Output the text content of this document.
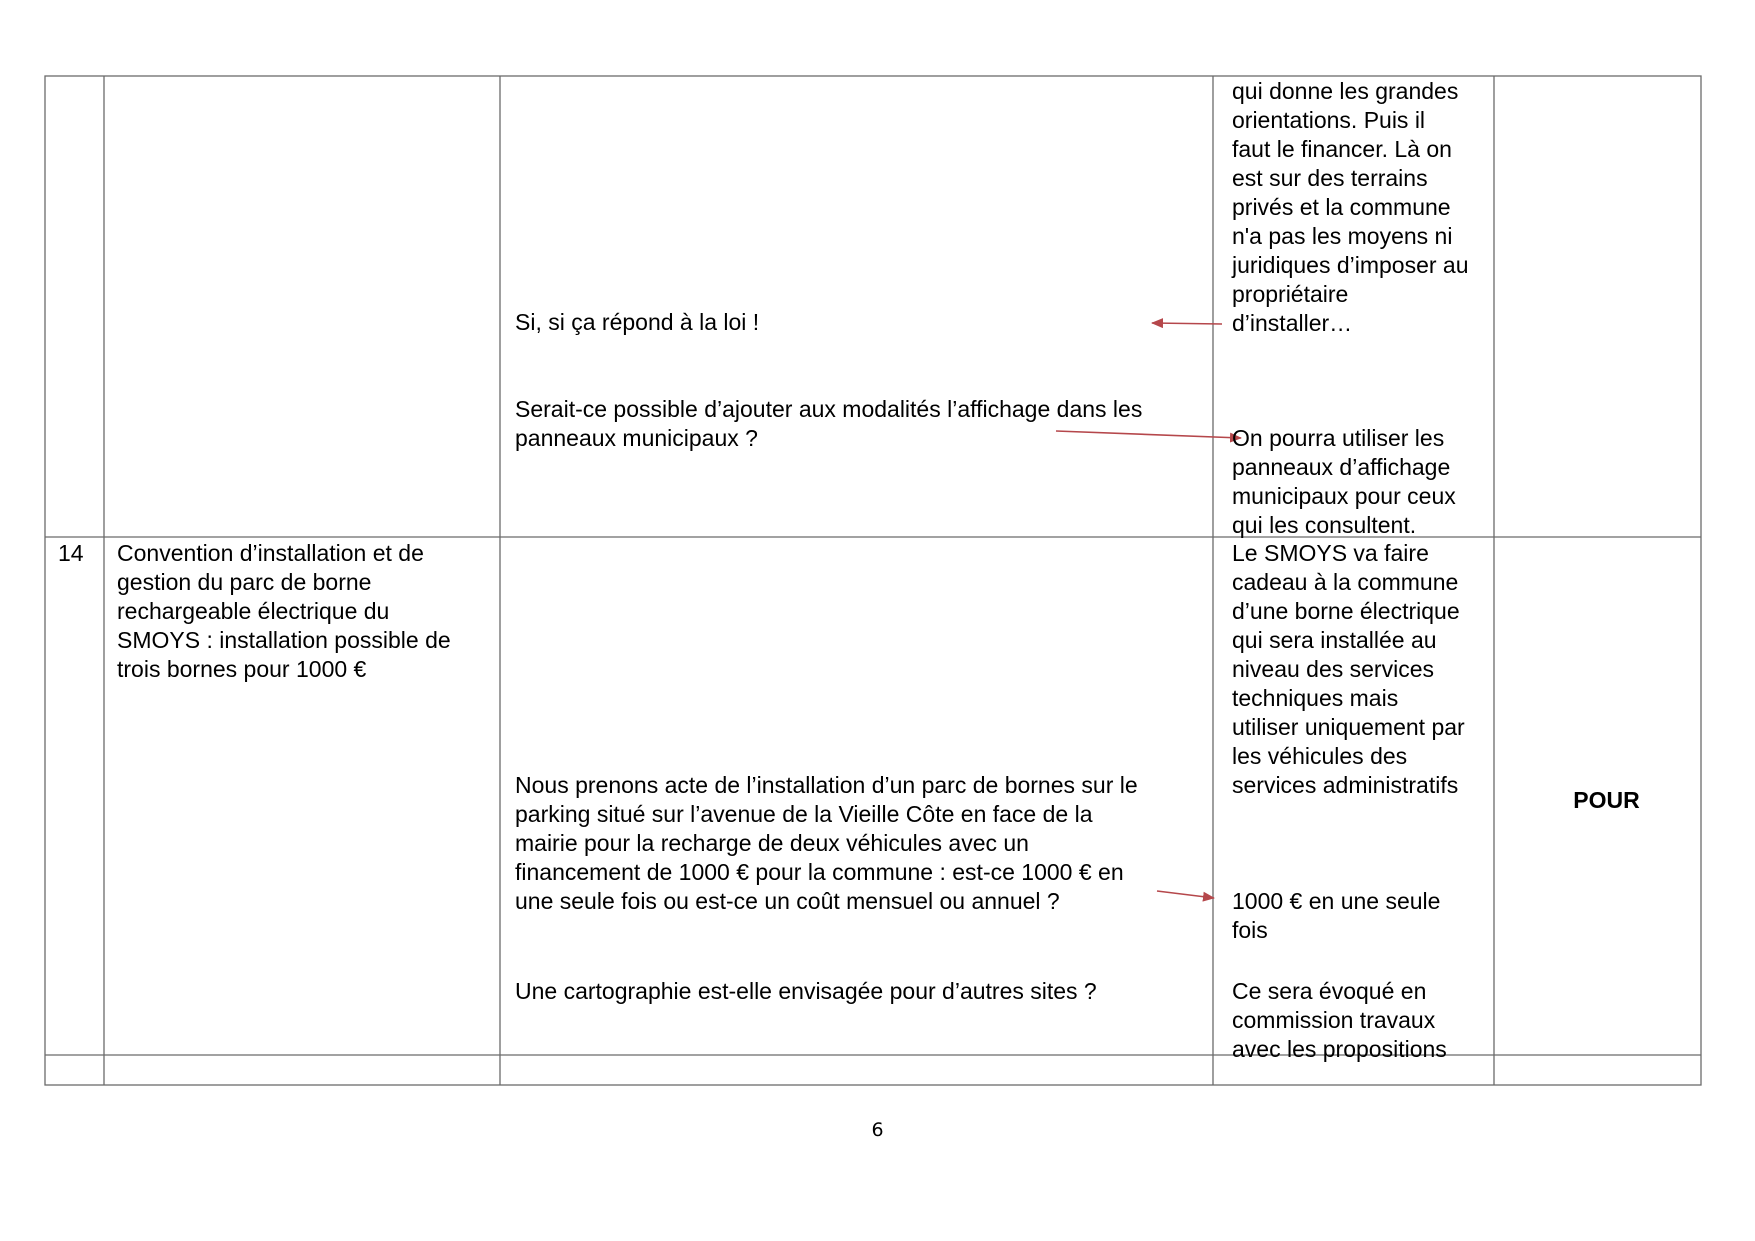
Si, si ça répond à la loi !
Serait-ce possible d’ajouter aux modalités l’affichage dans les
panneaux municipaux ?
qui donne les grandes
orientations. Puis il
faut le financer. Là on
est sur des terrains
privés et la commune
n'a pas les moyens ni
juridiques d’imposer au
propriétaire
d’installer…
On pourra utiliser les
panneaux d’affichage
municipaux pour ceux
qui les consultent.
14 Convention d’installation et de
gestion du parc de borne
rechargeable électrique du
SMOYS : installation possible de
trois bornes pour 1000 €
Nous prenons acte de l’installation d’un parc de bornes sur le
parking situé sur l’avenue de la Vieille Côte en face de la
mairie pour la recharge de deux véhicules avec un
financement de 1000 € pour la commune : est-ce 1000 € en
une seule fois ou est-ce un coût mensuel ou annuel ?
Une cartographie est-elle envisagée pour d’autres sites ?
Le SMOYS va faire
cadeau à la commune
d’une borne électrique
qui sera installée au
niveau des services
techniques mais
utiliser uniquement par
les véhicules des
services administratifs
1000 € en une seule
fois
Ce sera évoqué en
commission travaux
avec les propositions
POUR
6
